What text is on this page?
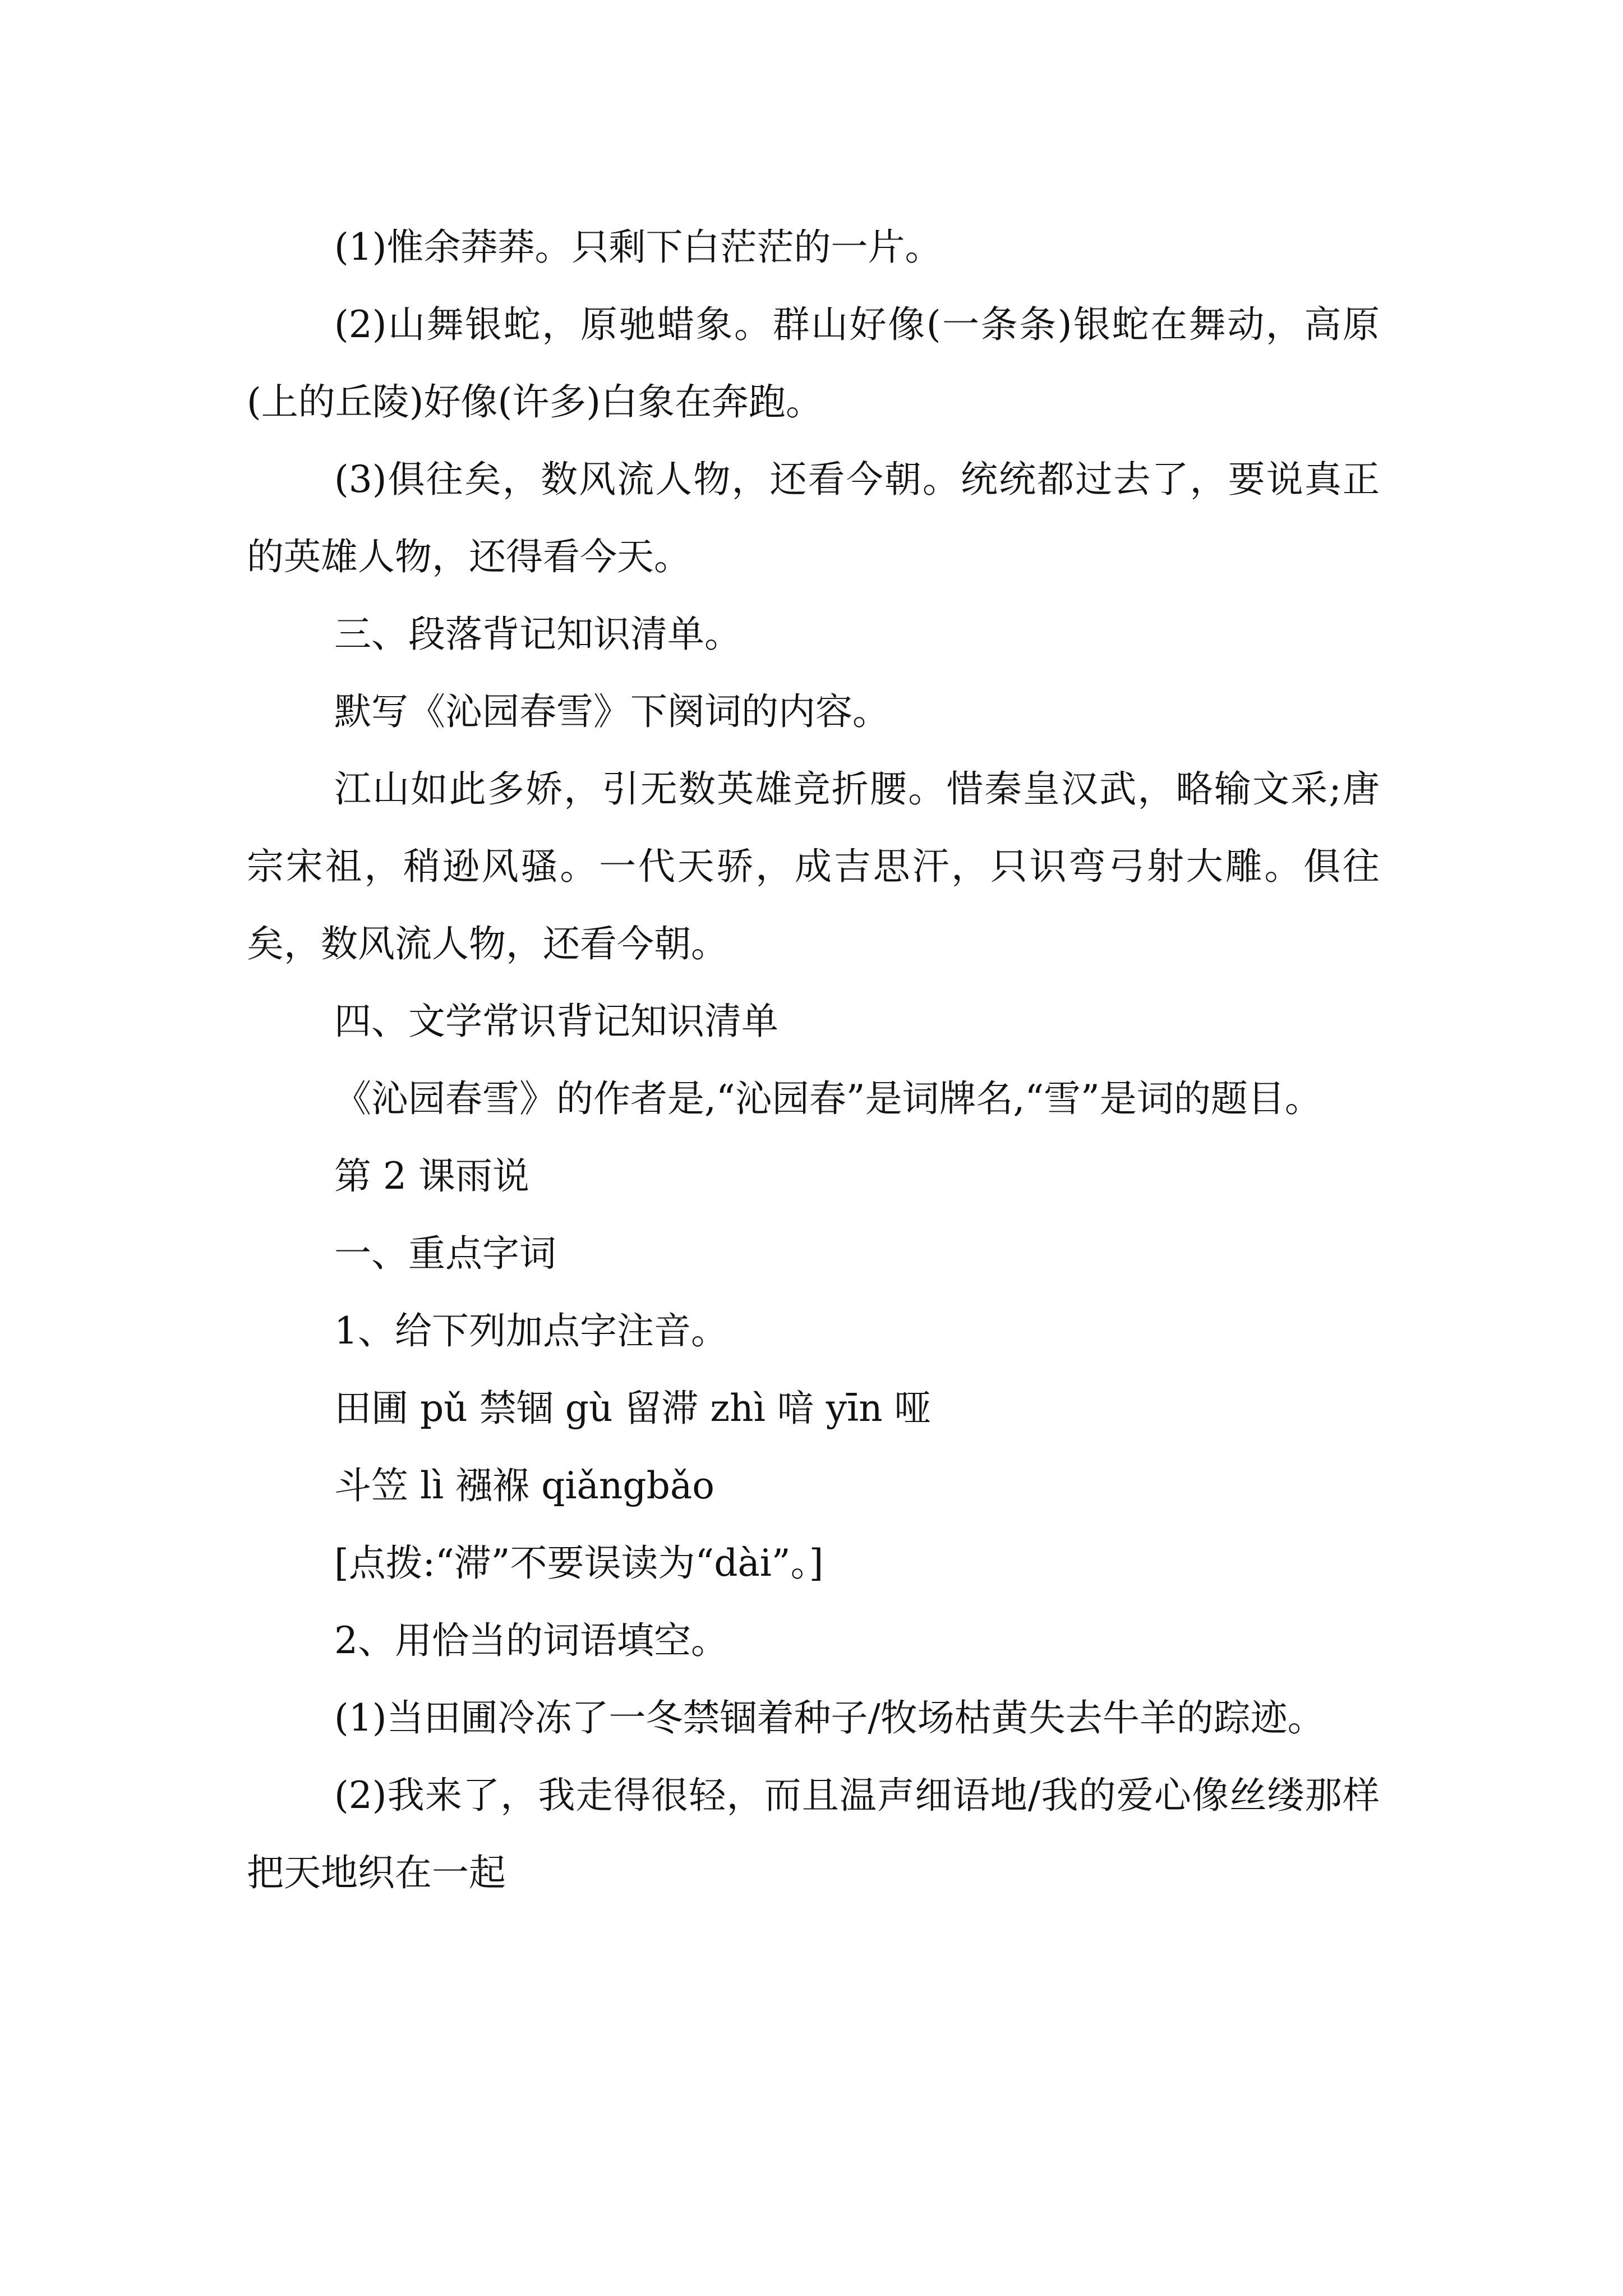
(1)惟余莽莽。只剩下白茫茫的一片。

(2)山舞银蛇，原驰蜡象。群山好像(一条条)银蛇在舞动，高原(上的丘陵)好像(许多)白象在奔跑。

(3)俱往矣，数风流人物，还看今朝。统统都过去了，要说真正的英雄人物，还得看今天。

三、段落背记知识清单。

默写《沁园春雪》下阕词的内容。

江山如此多娇，引无数英雄竞折腰。惜秦皇汉武，略输文采;唐宗宋祖，稍逊风骚。一代天骄，成吉思汗，只识弯弓射大雕。俱往矣，数风流人物，还看今朝。

四、文学常识背记知识清单

《沁园春雪》的作者是,“沁园春”是词牌名,“雪”是词的题目。

第 2 课雨说

一、重点字词

1、给下列加点字注音。

田圃 pǔ 禁锢 gù 留滞 zhì 喑 yīn 哑

斗笠 lì 襁褓 qiǎngbǎo

[点拨:“滞”不要误读为“dài”。]

2、用恰当的词语填空。

(1)当田圃冷冻了一冬禁锢着种子/牧场枯黄失去牛羊的踪迹。

(2)我来了，我走得很轻，而且温声细语地/我的爱心像丝缕那样把天地织在一起
